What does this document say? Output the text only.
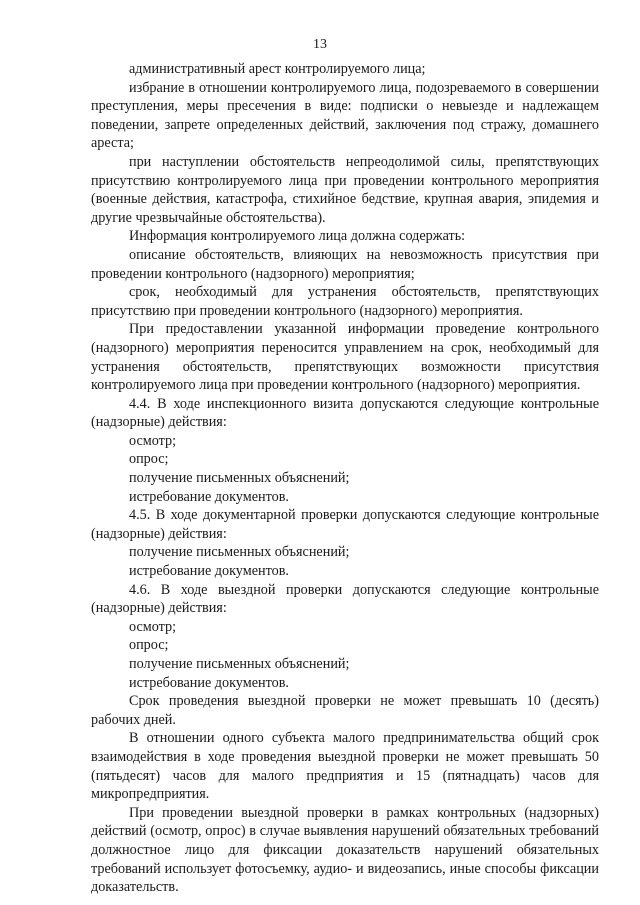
13

административный арест контролируемого лица;

избрание в отношении контролируемого лица, подозреваемого в совершении преступления, меры пресечения в виде: подписки о невыезде и надлежащем поведении, запрете определенных действий, заключения под стражу, домашнего ареста;

при наступлении обстоятельств непреодолимой силы, препятствующих присутствию контролируемого лица при проведении контрольного мероприятия (военные действия, катастрофа, стихийное бедствие, крупная авария, эпидемия и другие чрезвычайные обстоятельства).

Информация контролируемого лица должна содержать:

описание обстоятельств, влияющих на невозможность присутствия при проведении контрольного (надзорного) мероприятия;

срок, необходимый для устранения обстоятельств, препятствующих присутствию при проведении контрольного (надзорного) мероприятия.

При предоставлении указанной информации проведение контрольного (надзорного) мероприятия переносится управлением на срок, необходимый для устранения обстоятельств, препятствующих возможности присутствия контролируемого лица при проведении контрольного (надзорного) мероприятия.

4.4. В ходе инспекционного визита допускаются следующие контрольные (надзорные) действия:

осмотр;

опрос;

получение письменных объяснений;

истребование документов.

4.5. В ходе документарной проверки допускаются следующие контрольные (надзорные) действия:

получение письменных объяснений;

истребование документов.

4.6. В ходе выездной проверки допускаются следующие контрольные (надзорные) действия:

осмотр;

опрос;

получение письменных объяснений;

истребование документов.

Срок проведения выездной проверки не может превышать 10 (десять) рабочих дней.

В отношении одного субъекта малого предпринимательства общий срок взаимодействия в ходе проведения выездной проверки не может превышать 50 (пятьдесят) часов для малого предприятия и 15 (пятнадцать) часов для микропредприятия.

При проведении выездной проверки в рамках контрольных (надзорных) действий (осмотр, опрос) в случае выявления нарушений обязательных требований должностное лицо для фиксации доказательств нарушений обязательных требований использует фотосъемку, аудио- и видеозапись, иные способы фиксации доказательств.
